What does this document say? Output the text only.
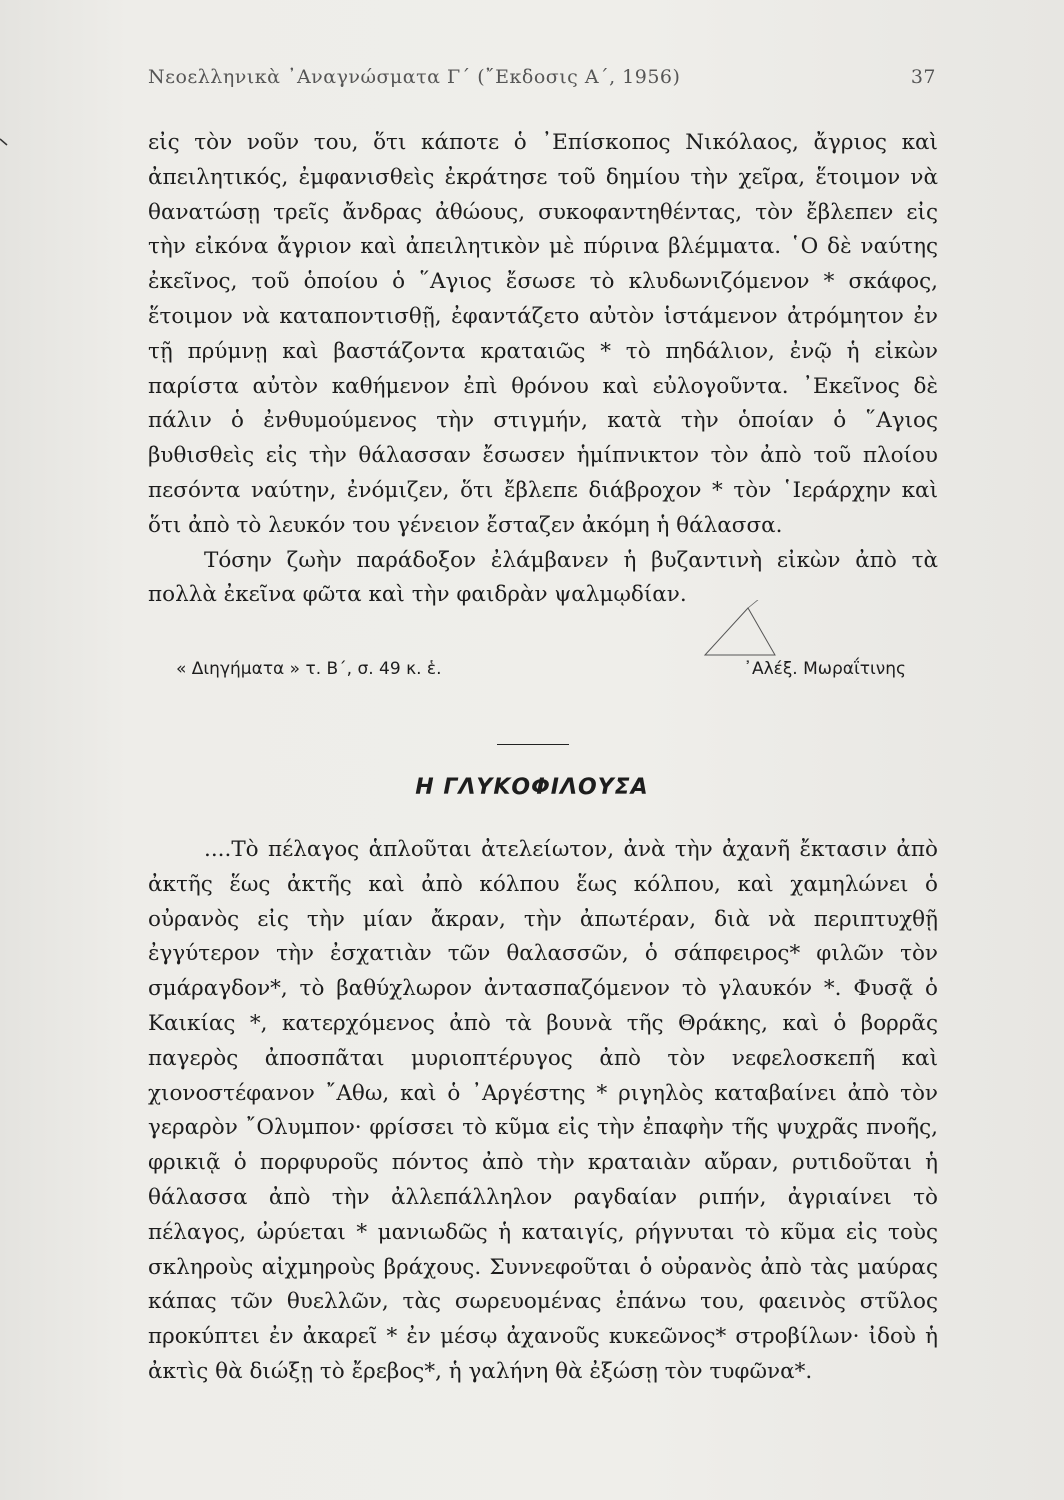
Νεοελληνικὰ ᾿Αναγνώσματα Γ΄ (῎Εκδοσις Α΄, 1956)	37

εἰς τὸν νοῦν του, ὅτι κάποτε ὁ ᾿Επίσκοπος Νικόλαος, ἄγριος καὶ ἀπειλητικός, ἐμφανισθεὶς ἐκράτησε τοῦ δημίου τὴν χεῖρα, ἕτοιμον νὰ θανατώσῃ τρεῖς ἄνδρας ἀθώους, συκοφαντηθέντας, τὸν ἔβλεπεν εἰς τὴν εἰκόνα ἄγριον καὶ ἀπειλητικὸν μὲ πύρινα βλέμματα. ῾Ο δὲ ναύτης ἐκεῖνος, τοῦ ὁποίου ὁ ῞Αγιος ἔσωσε τὸ κλυδωνιζόμενον * σκάφος, ἕτοιμον νὰ καταποντισθῇ, ἐφαντάζετο αὐτὸν ἱστάμενον ἀτρόμητον ἐν τῇ πρύμνῃ καὶ βαστάζοντα κραταιῶς * τὸ πηδάλιον, ἐνῷ ἡ εἰκὼν παρίστα αὐτὸν καθήμενον ἐπὶ θρόνου καὶ εὐλογοῦντα. ᾿Εκεῖνος δὲ πάλιν ὁ ἐνθυμούμενος τὴν στιγμήν, κατὰ τὴν ὁποίαν ὁ ῞Αγιος βυθισθεὶς εἰς τὴν θάλασσαν ἔσωσεν ἡμίπνικτον τὸν ἀπὸ τοῦ πλοίου πεσόντα ναύτην, ἐνόμιζεν, ὅτι ἔβλεπε διάβροχον * τὸν ῾Ιεράρχην καὶ ὅτι ἀπὸ τὸ λευκόν του γένειον ἔσταζεν ἀκόμη ἡ θάλασσα.

Τόσην ζωὴν παράδοξον ἐλάμβανεν ἡ βυζαντινὴ εἰκὼν ἀπὸ τὰ πολλὰ ἐκεῖνα φῶτα καὶ τὴν φαιδρὰν ψαλμῳδίαν.

« Διηγήματα » τ. Β΄, σ. 49 κ. ἑ.	᾿Αλέξ. Μωραΐτινης
Η ΓΛΥΚΟΦΙΛΟΥΣΑ

....Τὸ πέλαγος ἁπλοῦται ἀτελείωτον, ἀνὰ τὴν ἀχανῆ ἔκτασιν ἀπὸ ἀκτῆς ἕως ἀκτῆς καὶ ἀπὸ κόλπου ἕως κόλπου, καὶ χαμηλώνει ὁ οὐρανὸς εἰς τὴν μίαν ἄκραν, τὴν ἀπωτέραν, διὰ νὰ περιπτυχθῇ ἐγγύτερον τὴν ἐσχατιὰν τῶν θαλασσῶν, ὁ σάπφειρος* φιλῶν τὸν σμάραγδον*, τὸ βαθύχλωρον ἀντασπαζόμενον τὸ γλαυκόν *. Φυσᾷ ὁ Καικίας *, κατερχόμενος ἀπὸ τὰ βουνὰ τῆς Θράκης, καὶ ὁ βορρᾶς παγερὸς ἀποσπᾶται μυριοπτέρυγος ἀπὸ τὸν νεφελοσκεπῆ καὶ χιονοστέφανον ῎Αθω, καὶ ὁ ᾿Αργέστης * ριγηλὸς καταβαίνει ἀπὸ τὸν γεραρὸν ῎Ολυμπον· φρίσσει τὸ κῦμα εἰς τὴν ἐπαφὴν τῆς ψυχρᾶς πνοῆς, φρικιᾷ ὁ πορφυροῦς πόντος ἀπὸ τὴν κραταιὰν αὔραν, ρυτιδοῦται ἡ θάλασσα ἀπὸ τὴν ἀλλεπάλληλον ραγδαίαν ριπήν, ἀγριαίνει τὸ πέλαγος, ὠρύεται * μανιωδῶς ἡ καταιγίς, ρήγνυται τὸ κῦμα εἰς τοὺς σκληροὺς αἰχμηροὺς βράχους. Συννεφοῦται ὁ οὐρανὸς ἀπὸ τὰς μαύρας κάπας τῶν θυελλῶν, τὰς σωρευομένας ἐπάνω του, φαεινὸς στῦλος προκύπτει ἐν ἀκαρεῖ * ἐν μέσῳ ἀχανοῦς κυκεῶνος* στροβίλων· ἰδοὺ ἡ ἀκτὶς θὰ διώξῃ τὸ ἔρεβος*, ἡ γαλήνη θὰ ἐξώσῃ τὸν τυφῶνα*.
